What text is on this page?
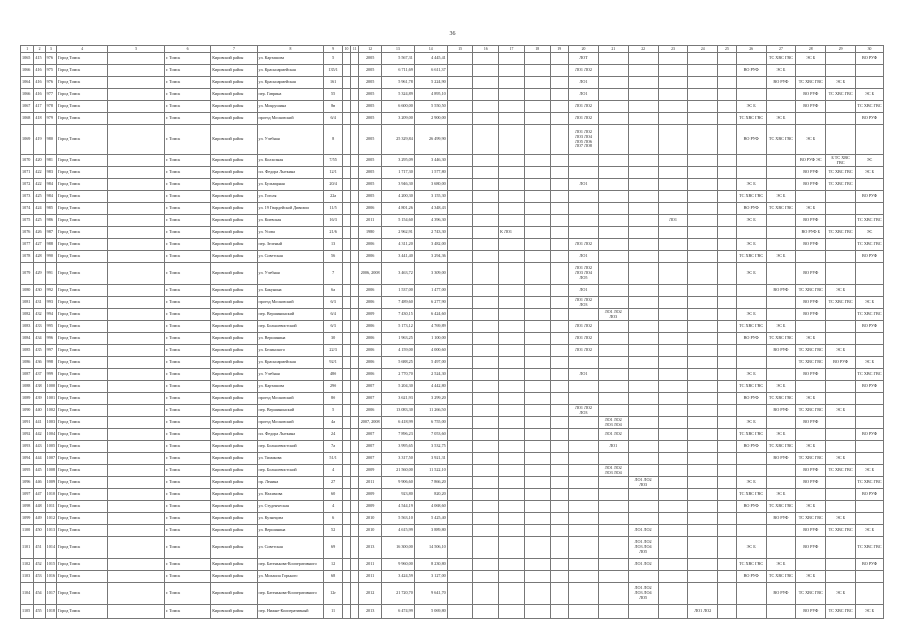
36
1	2	3	4	5	6	7	8	9	10	11	12	13	14	15	16	17	18	19	20	21	22	23	24	25	26	27	28	29	30
1065	415	976	Город Томск		г. Томск	Кировский район	ул. Карташова	5			2005	5 567,31	4 445,41						ЛОТ							ТС ХВС ГВС	ЭС Б		ВО РУФ
1066	416	975	Город Томск		г. Томск	Кировский район	ул. Красноармейская	135/1			2005	6 711,69	6 611,37						ЛО1 ЛО2						ВО РУФ	ЭС Б			
1064	416	976	Город Томск		г. Томск	Кировский район	ул. Красноармейская	161			2005	5 961,78	5 224,90						ЛО1							ВО РУФ	ТС ХВС ГВС	ЭС Б	
1066	416	977	Город Томск		г. Томск	Кировский район	пер. Гаврина	55			2005	5 324,89	4 895,10						ЛО1								ВО РУФ	ТС ХВС ГВС	ЭС Б
1067	417	978	Город Томск		г. Томск	Кировский район	ул. Мокрушина	8в			2005	6 600,00	5 550,50						ЛО1 ЛО2						ЭС Б		ВО РУФ		ТС ХВС ГВС
1068	418	979	Город Томск		г. Томск	Кировский район	проезд Московский	6/4			2005	3 209,00	2 900,00						ЛО1 ЛО2						ТС ХВС ГВС	ЭС Б			ВО РУФ
1069	419	980	Город Томск		г. Томск	Кировский район	ул. Учебная	8			2005	25 329,84	26 499,90						ЛО1 ЛО2
ЛО3 ЛО4
ЛО5 ЛО6
ЛО7 ЛО8						ВО РУФ	ТС ХВС ГВС	ЭС Б		
1070	420	981	Город Томск		г. Томск	Кировский район	ул. Колхозная	7/55			2005	3 295,09	3 446,30														ВО РУФ ЭС	Б ТС ХВС ГВС	ЭС
1071	422	983	Город Томск		г. Томск	Кировский район	пл. Федора Лыткина	12/1			2005	1 717,30	1 577,80														ВО РУФ	ТС ХВС ГВС	ЭС Б
1072	422	984	Город Томск		г. Томск	Кировский район	ул. Бульварная	20/4			2005	3 946,30	3 680,00						ЛО1						ЭС Б		ВО РУФ	ТС ХВС ГВС	
1073	425	984	Город Томск		г. Томск	Кировский район	ул. Гоголя	22а			2005	4 200,30	3 155,30												ТС ХВС ГВС	ЭС Б			ВО РУФ
1074	424	985	Город Томск		г. Томск	Кировский район	ул. 19 Гвардейской Дивизии	11/5			2006	4 801,26	4 348,43												ВО РУФ	ТС ХВС ГВС	ЭС Б		
1075	425	986	Город Томск		г. Томск	Кировский район	ул. Киевская	16/3			2011	5 154,60	4 396,30									ЛО1			ЭС Б		ВО РУФ		ТС ХВС ГВС
1076	426	987	Город Томск		г. Томск	Кировский район	ул. Усова	21/6			1980	2 962,91	2 743,30			К ЛО1											ВО РУФ Б	ТС ХВС ГВС	ЭС
1077	427	988	Город Томск		г. Томск	Кировский район	пер. Зеленый	13			2006	4 311,20	3 482,00						ЛО1 ЛО2						ЭС Б		ВО РУФ		ТС ХВС ГВС
1078	428	990	Город Томск		г. Томск	Кировский район	ул. Советская	56			2006	3 441,40	3 294,36						ЛО1						ТС ХВС ГВС	ЭС Б			ВО РУФ
1079	429	991	Город Томск		г. Томск	Кировский район	ул. Учебная	7			2006, 2008	3 463,72	3 309,00						ЛО1 ЛО2
ЛО3 ЛО4
ЛО5						ЭС Б		ВО РУФ		
1080	430	992	Город Томск		г. Томск	Кировский район	ул. Бакунина	6а			2006	1 537,00	1 477,00						ЛО1							ВО РУФ	ТС ХВС ГВС	ЭС Б	
1081	431	993	Город Томск		г. Томск	Кировский район	проезд Московский	6/3			2006	7 489,60	6 277,90						ЛО1 ЛО2
ЛО3								ВО РУФ	ТС ХВС ГВС	ЭС Б
1082	432	994	Город Томск		г. Томск	Кировский район	пер. Вершининский	6/4			2009	7 430,15	6 424,60							ЛО1 ЛО2
ЛО3					ЭС Б		ВО РУФ		ТС ХВС ГВС
1083	433	995	Город Томск		г. Томск	Кировский район	пер. Большевистский	6/3			2006	5 173,12	4 769,89						ЛО1 ЛО2						ТС ХВС ГВС	ЭС Б			ВО РУФ
1084	434	996	Город Томск		г. Томск	Кировский район	ул. Вершинина	30			2006	1 963,25	1 100,00						ЛО1 ЛО2						ВО РУФ	ТС ХВС ГВС	ЭС Б		
1085	435	997	Город Томск		г. Томск	Кировский район	ул. Белинского	22/3			2006	4 159,00	4 000,60						ЛО1 ЛО2							ВО РУФ	ТС ХВС ГВС	ЭС Б	
1086	436	998	Город Томск		г. Томск	Кировский район	ул. Красноармейская	92/1			2006	5 688,25	5 497,00														ТС ХВС ГВС	ВО РУФ	ЭС Б
1087	437	999	Город Томск		г. Томск	Кировский район	ул. Учебная	48б			2006	2 770,70	2 524,30						ЛО1						ЭС Б		ВО РУФ		ТС ХВС ГВС
1088	438	1000	Город Томск		г. Томск	Кировский район	ул. Карташова	29б			2007	5 204,30	4 442,80												ТС ХВС ГВС	ЭС Б			ВО РУФ
1089	439	1001	Город Томск		г. Томск	Кировский район	проезд Московский	8б			2007	3 621,93	3 299,20												ВО РУФ	ТС ХВС ГВС	ЭС Б		
1090	440	1002	Город Томск		г. Томск	Кировский район	пер. Вершининский	5			2006	13 083,30	11 266,50						ЛО1 ЛО2
ЛО3							ВО РУФ	ТС ХВС ГВС	ЭС Б	
1091	441	1003	Город Томск		г. Томск	Кировский район	проезд Московский	4а			2007, 2008	6 418,99	6 755,00							ЛО1 ЛО2
ЛО3 ЛО4					ЭС Б		ВО РУФ		
1092	442	1004	Город Томск		г. Томск	Кировский район	пл. Федора Лыткина	24			2007	7 896,23	7 053,60							ЛО1 ЛО2					ТС ХВС ГВС	ЭС Б			ВО РУФ
1093	443	1005	Город Томск		г. Томск	Кировский район	пер. Большевистский	7а			2007	3 995,65	3 532,75							ЛО1					ВО РУФ	ТС ХВС ГВС	ЭС Б		
1094	444	1007	Город Томск		г. Томск	Кировский район	ул. Тимакова	51/1			2007	3 317,50	3 921,31													ВО РУФ	ТС ХВС ГВС	ЭС Б	
1095	445	1008	Город Томск		г. Томск	Кировский район	пер. Большевистский	4			2009	21 560,00	11 522,10							ЛО1 ЛО2
ЛО3 ЛО4							ВО РУФ	ТС ХВС ГВС	ЭС Б
1096	446	1009	Город Томск		г. Томск	Кировский район	пр. Ленина	27			2011	9 906,60	7 866,20								ЛО1 ЛО2
ЛО3				ЭС Б		ВО РУФ		ТС ХВС ГВС
1097	447	1010	Город Томск		г. Томск	Кировский район	ул. Нахимова	60			2009	923,80	820,20												ТС ХВС ГВС	ЭС Б			ВО РУФ
1098	448	1011	Город Томск		г. Томск	Кировский район	ул. Студенческая	4			2009	4 544,19	4 068,60												ВО РУФ	ТС ХВС ГВС	ЭС Б		
1099	449	1012	Город Томск		г. Томск	Кировский район	ул. Кузнецова	6			2010	5 563,10	5 425,40													ВО РУФ	ТС ХВС ГВС	ЭС Б	
1100	450	1013	Город Томск		г. Томск	Кировский район	ул. Вершинина	52			2010	4 615,99	3 889,80								ЛО1 ЛО2						ВО РУФ	ТС ХВС ГВС	ЭС Б
1101	451	1014	Город Томск		г. Томск	Кировский район	ул. Советская	69			2013	16 300,00	14 506,10								ЛО1 ЛО2
ЛО3 ЛО4
ЛО5				ЭС Б		ВО РУФ		ТС ХВС ГВС
1102	452	1015	Город Томск		г. Томск	Кировский район	пер. Батенькова-Кооперативного	12			2011	9 960,00	8 230,80								ЛО1 ЛО2				ТС ХВС ГВС	ЭС Б			ВО РУФ
1103	453	1016	Город Томск		г. Томск	Кировский район	ул. Михаила Горького	68			2011	3 424,59	3 127,00												ВО РУФ	ТС ХВС ГВС	ЭС Б		
1104	454	1017	Город Томск		г. Томск	Кировский район	пер. Батенькова-Кооперативного	12г			2012	21 720,70	9 641,70								ЛО1 ЛО2
ЛО3 ЛО4
ЛО5					ВО РУФ	ТС ХВС ГВС	ЭС Б	
1105	455	1018	Город Томск		г. Томск	Кировский район	пер. Нижне-Кооперативный	11			2013	6 474,99	5 069,80										ЛО1 ЛО2				ВО РУФ	ТС ХВС ГВС	ЭС Б
